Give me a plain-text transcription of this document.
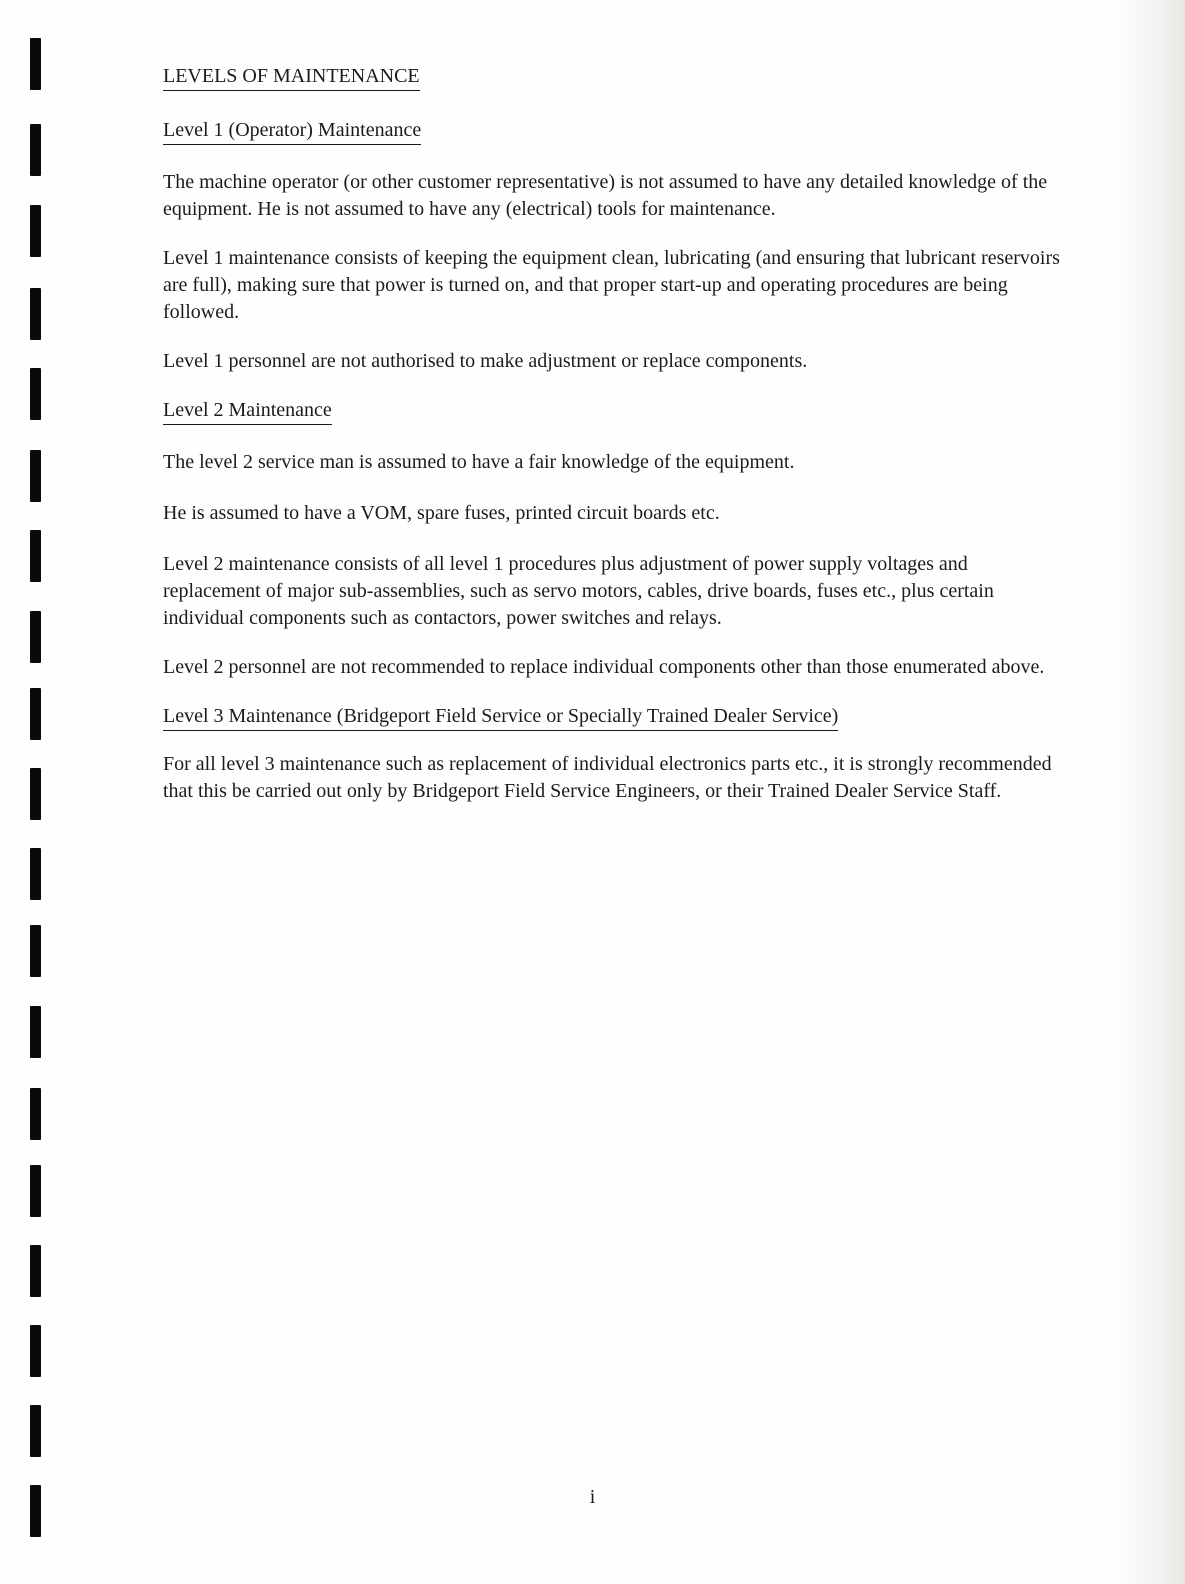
LEVELS OF MAINTENANCE
Level 1 (Operator) Maintenance

The machine operator (or other customer representative) is not assumed to have any detailed knowledge of the equipment. He is not assumed to have any (electrical) tools for maintenance.

Level 1 maintenance consists of keeping the equipment clean, lubricating (and ensuring that lubricant reservoirs are full), making sure that power is turned on, and that proper start-up and operating procedures are being followed.

Level 1 personnel are not authorised to make adjustment or replace components.

Level 2 Maintenance

The level 2 service man is assumed to have a fair knowledge of the equipment.

He is assumed to have a VOM, spare fuses, printed circuit boards etc.

Level 2 maintenance consists of all level 1 procedures plus adjustment of power supply voltages and replacement of major sub-assemblies, such as servo motors, cables, drive boards, fuses etc., plus certain individual components such as contactors, power switches and relays.

Level 2 personnel are not recommended to replace individual components other than those enumerated above.

Level 3 Maintenance (Bridgeport Field Service or Specially Trained Dealer Service)

For all level 3 maintenance such as replacement of individual electronics parts etc., it is strongly recommended that this be carried out only by Bridgeport Field Service Engineers, or their Trained Dealer Service Staff.

i
